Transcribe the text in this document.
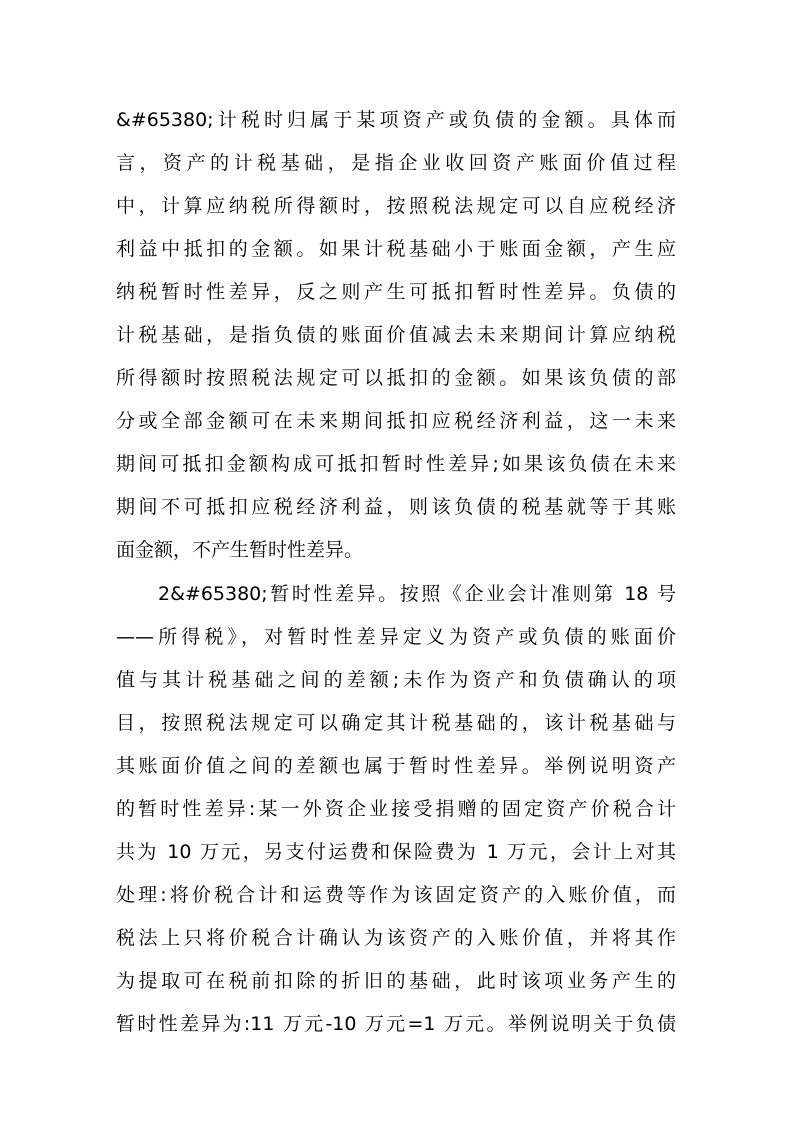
&#65380;计税时归属于某项资产或负债的金额。具体而
言，资产的计税基础，是指企业收回资产账面价值过程
中，计算应纳税所得额时，按照税法规定可以自应税经济
利益中抵扣的金额。如果计税基础小于账面金额，产生应
纳税暂时性差异，反之则产生可抵扣暂时性差异。负债的
计税基础，是指负债的账面价值减去未来期间计算应纳税
所得额时按照税法规定可以抵扣的金额。如果该负债的部
分或全部金额可在未来期间抵扣应税经济利益，这一未来
期间可抵扣金额构成可抵扣暂时性差异;如果该负债在未来
期间不可抵扣应税经济利益，则该负债的税基就等于其账
面金额，不产生暂时性差异。
2&#65380;暂时性差异。按照《企业会计准则第 18 号
——所得税》，对暂时性差异定义为资产或负债的账面价
值与其计税基础之间的差额;未作为资产和负债确认的项
目，按照税法规定可以确定其计税基础的，该计税基础与
其账面价值之间的差额也属于暂时性差异。举例说明资产
的暂时性差异:某一外资企业接受捐赠的固定资产价税合计
共为 10 万元，另支付运费和保险费为 1 万元，会计上对其
处理:将价税合计和运费等作为该固定资产的入账价值，而
税法上只将价税合计确认为该资产的入账价值，并将其作
为提取可在税前扣除的折旧的基础，此时该项业务产生的
暂时性差异为:11 万元-10 万元=1 万元。举例说明关于负债
